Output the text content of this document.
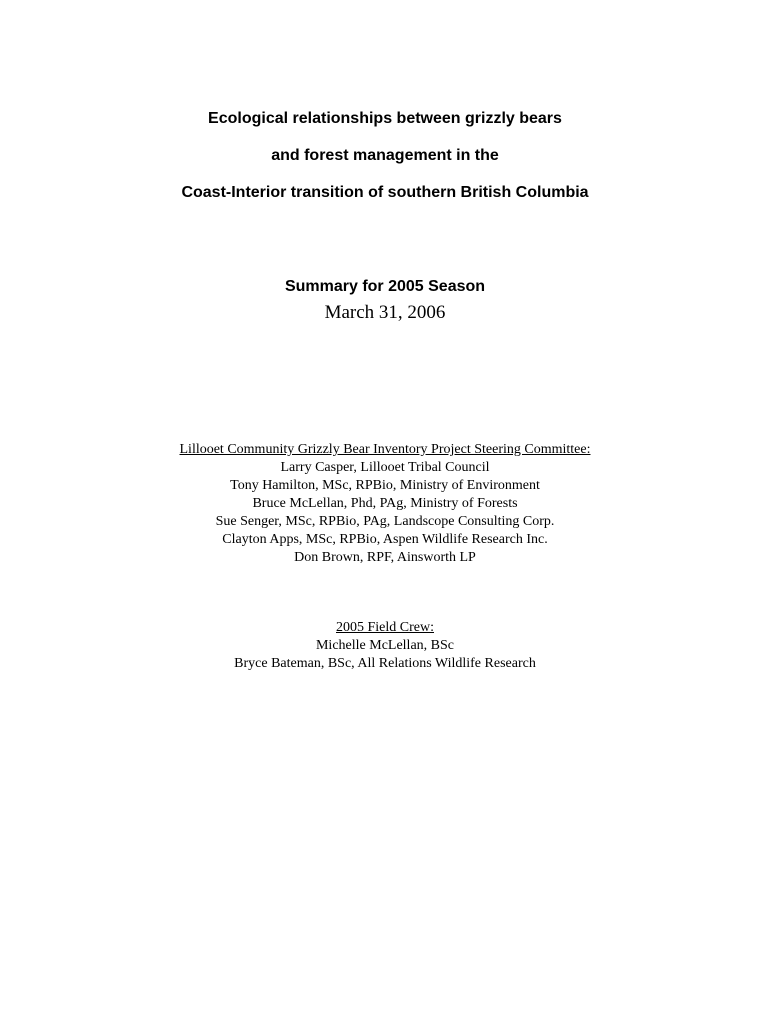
Ecological relationships between grizzly bears
and forest management in the
Coast-Interior transition of southern British Columbia
Summary for 2005 Season
March 31, 2006
Lillooet Community Grizzly Bear Inventory Project Steering Committee:
Larry Casper, Lillooet Tribal Council
Tony Hamilton, MSc, RPBio, Ministry of Environment
Bruce McLellan, Phd, PAg, Ministry of Forests
Sue Senger, MSc, RPBio, PAg, Landscope Consulting Corp.
Clayton Apps, MSc, RPBio, Aspen Wildlife Research Inc.
Don Brown, RPF, Ainsworth LP
2005 Field Crew:
Michelle McLellan, BSc
Bryce Bateman, BSc, All Relations Wildlife Research
